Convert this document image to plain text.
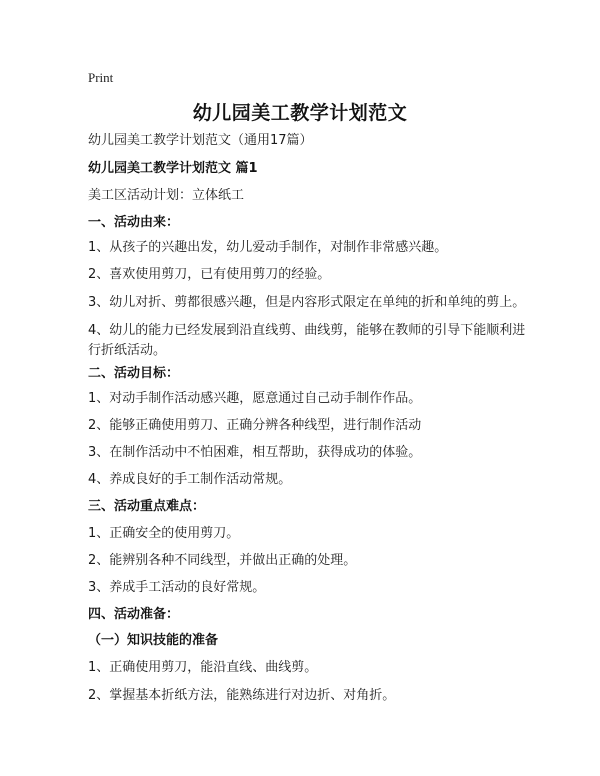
Print
幼儿园美工教学计划范文
幼儿园美工教学计划范文（通用17篇）
幼儿园美工教学计划范文 篇1
美工区活动计划：立体纸工
一、活动由来：
1、从孩子的兴趣出发，幼儿爱动手制作，对制作非常感兴趣。
2、喜欢使用剪刀，已有使用剪刀的经验。
3、幼儿对折、剪都很感兴趣，但是内容形式限定在单纯的折和单纯的剪上。
4、幼儿的能力已经发展到沿直线剪、曲线剪，能够在教师的引导下能顺利进行折纸活动。
二、活动目标：
1、对动手制作活动感兴趣，愿意通过自己动手制作作品。
2、能够正确使用剪刀、正确分辨各种线型，进行制作活动
3、在制作活动中不怕困难，相互帮助，获得成功的体验。
4、养成良好的手工制作活动常规。
三、活动重点难点：
1、正确安全的使用剪刀。
2、能辨别各种不同线型，并做出正确的处理。
3、养成手工活动的良好常规。
四、活动准备：
（一）知识技能的准备
1、正确使用剪刀，能沿直线、曲线剪。
2、掌握基本折纸方法，能熟练进行对边折、对角折。
